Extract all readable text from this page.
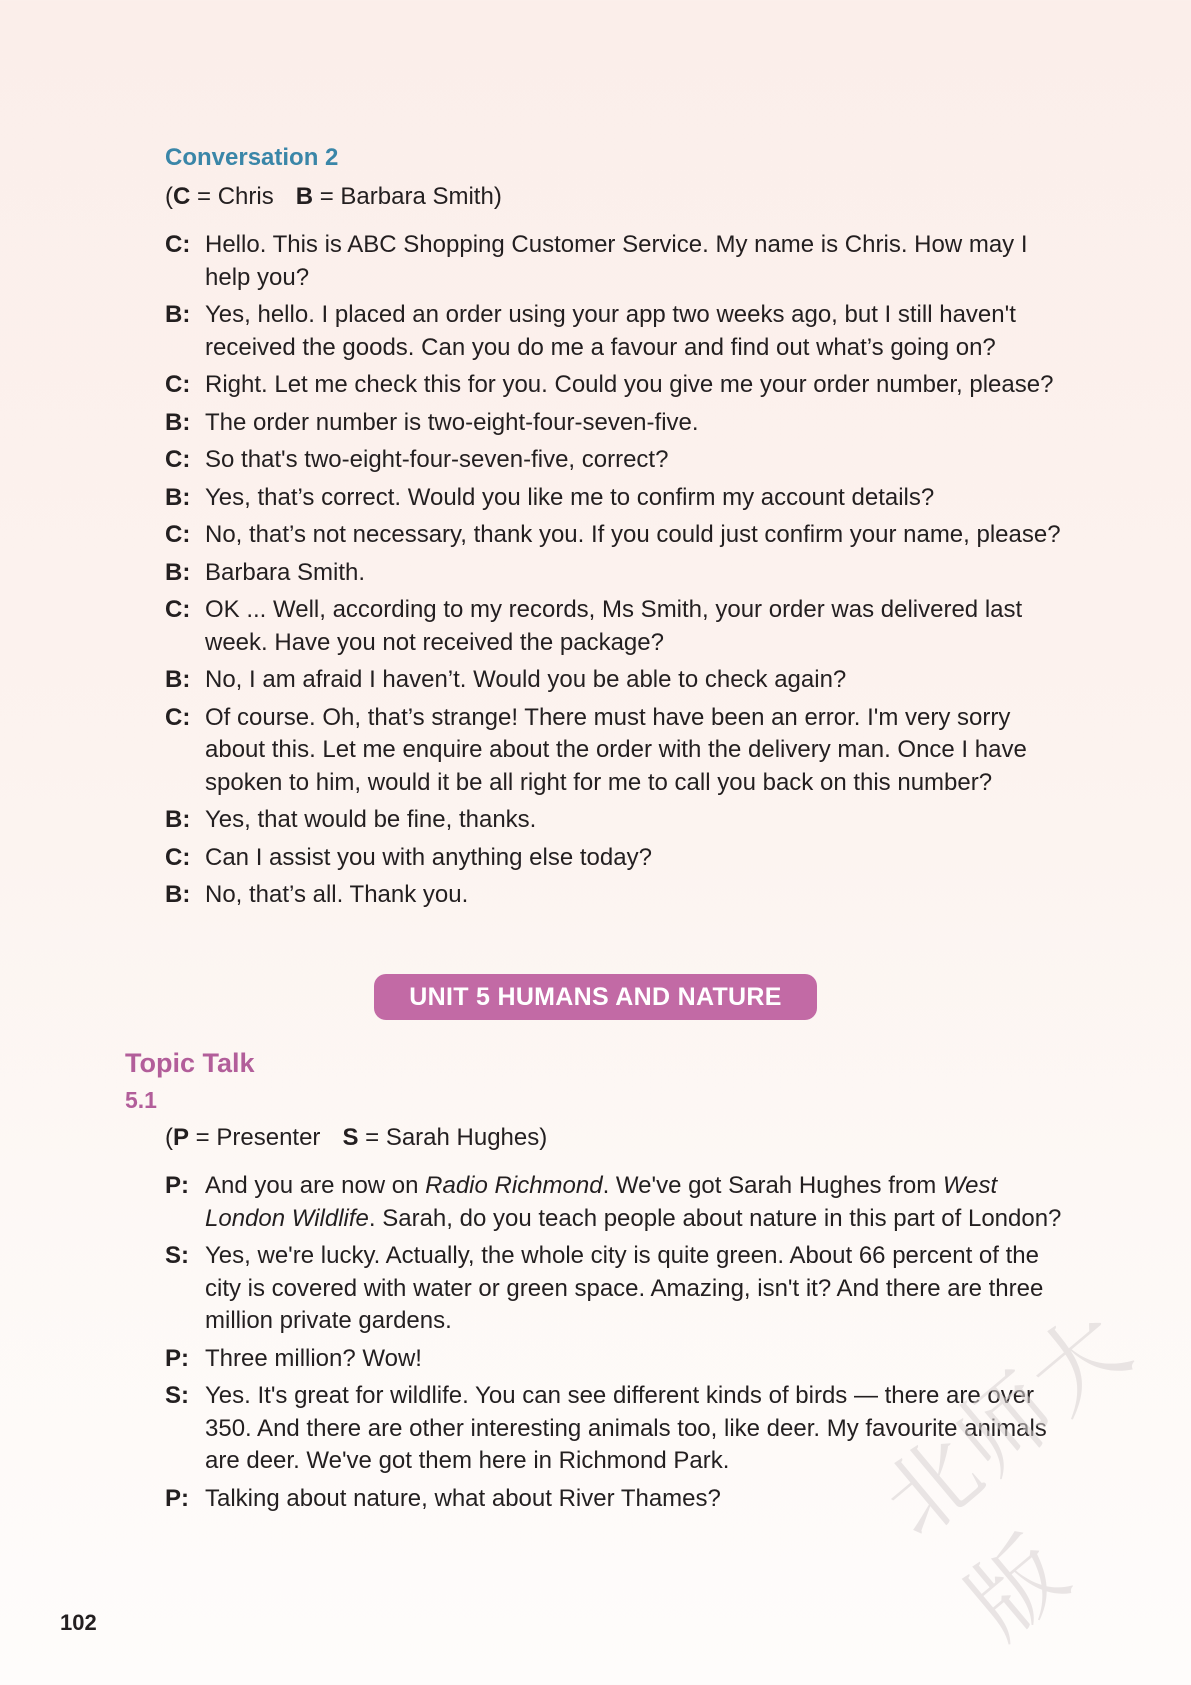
Conversation 2
(C = Chris B = Barbara Smith)
C: Hello. This is ABC Shopping Customer Service. My name is Chris. How may I help you?
B: Yes, hello. I placed an order using your app two weeks ago, but I still haven't received the goods. Can you do me a favour and find out what’s going on?
C: Right. Let me check this for you. Could you give me your order number, please?
B: The order number is two-eight-four-seven-five.
C: So that's two-eight-four-seven-five, correct?
B: Yes, that’s correct. Would you like me to confirm my account details?
C: No, that’s not necessary, thank you. If you could just confirm your name, please?
B: Barbara Smith.
C: OK ... Well, according to my records, Ms Smith, your order was delivered last week. Have you not received the package?
B: No, I am afraid I haven’t. Would you be able to check again?
C: Of course. Oh, that’s strange! There must have been an error. I'm very sorry about this. Let me enquire about the order with the delivery man. Once I have spoken to him, would it be all right for me to call you back on this number?
B: Yes, that would be fine, thanks.
C: Can I assist you with anything else today?
B: No, that’s all. Thank you.
UNIT 5 HUMANS AND NATURE
Topic Talk
5.1
(P = Presenter S = Sarah Hughes)
P: And you are now on Radio Richmond. We've got Sarah Hughes from West London Wildlife. Sarah, do you teach people about nature in this part of London?
S: Yes, we're lucky. Actually, the whole city is quite green. About 66 percent of the city is covered with water or green space. Amazing, isn't it? And there are three million private gardens.
P: Three million? Wow!
S: Yes. It's great for wildlife. You can see different kinds of birds — there are over 350. And there are other interesting animals too, like deer. My favourite animals are deer. We've got them here in Richmond Park.
P: Talking about nature, what about River Thames?
102
北师大版
